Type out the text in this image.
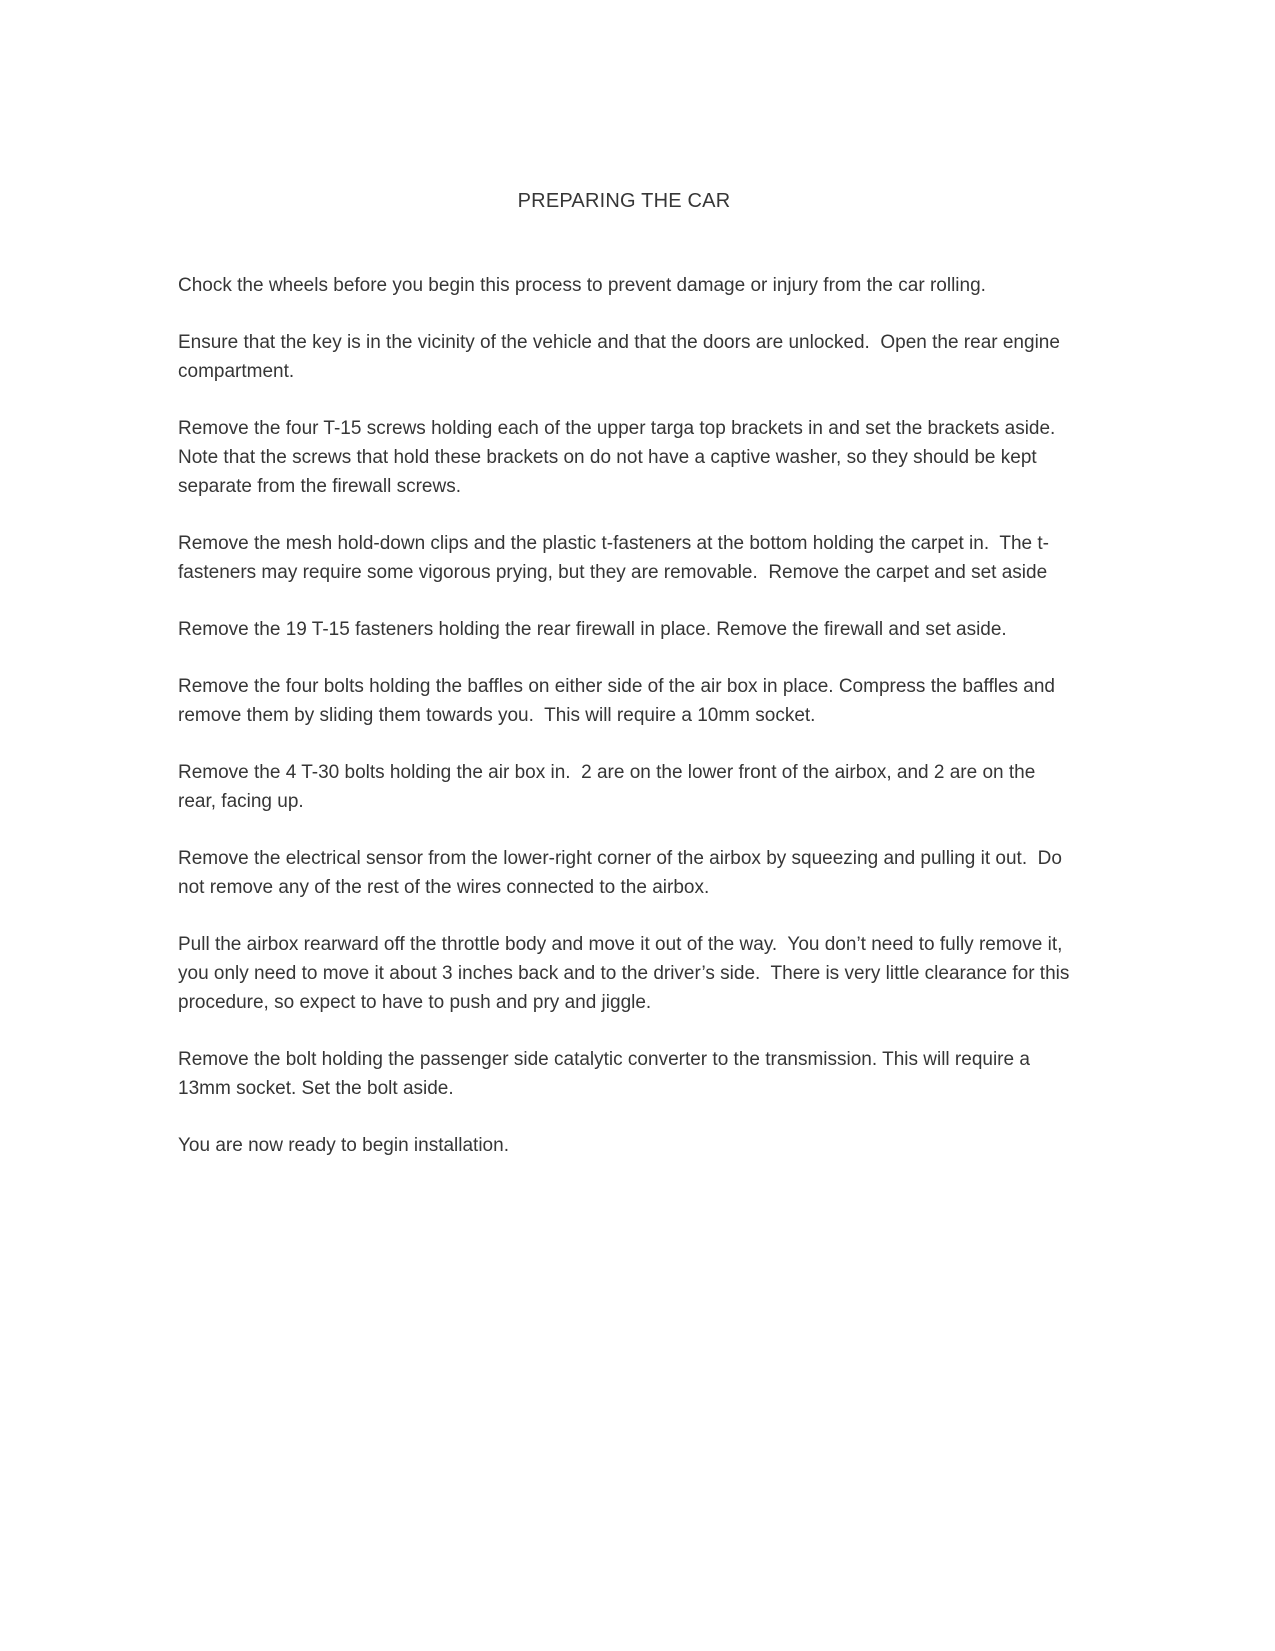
PREPARING THE CAR

Chock the wheels before you begin this process to prevent damage or injury from the car rolling.

Ensure that the key is in the vicinity of the vehicle and that the doors are unlocked.  Open the rear engine compartment.

Remove the four T-15 screws holding each of the upper targa top brackets in and set the brackets aside.  Note that the screws that hold these brackets on do not have a captive washer, so they should be kept separate from the firewall screws.

Remove the mesh hold-down clips and the plastic t-fasteners at the bottom holding the carpet in.  The t-fasteners may require some vigorous prying, but they are removable.  Remove the carpet and set aside

Remove the 19 T-15 fasteners holding the rear firewall in place. Remove the firewall and set aside.

Remove the four bolts holding the baffles on either side of the air box in place. Compress the baffles and remove them by sliding them towards you.  This will require a 10mm socket.

Remove the 4 T-30 bolts holding the air box in.  2 are on the lower front of the airbox, and 2 are on the rear, facing up.

Remove the electrical sensor from the lower-right corner of the airbox by squeezing and pulling it out.  Do not remove any of the rest of the wires connected to the airbox.

Pull the airbox rearward off the throttle body and move it out of the way.  You don’t need to fully remove it, you only need to move it about 3 inches back and to the driver’s side.  There is very little clearance for this procedure, so expect to have to push and pry and jiggle.

Remove the bolt holding the passenger side catalytic converter to the transmission. This will require a 13mm socket. Set the bolt aside.

You are now ready to begin installation.
